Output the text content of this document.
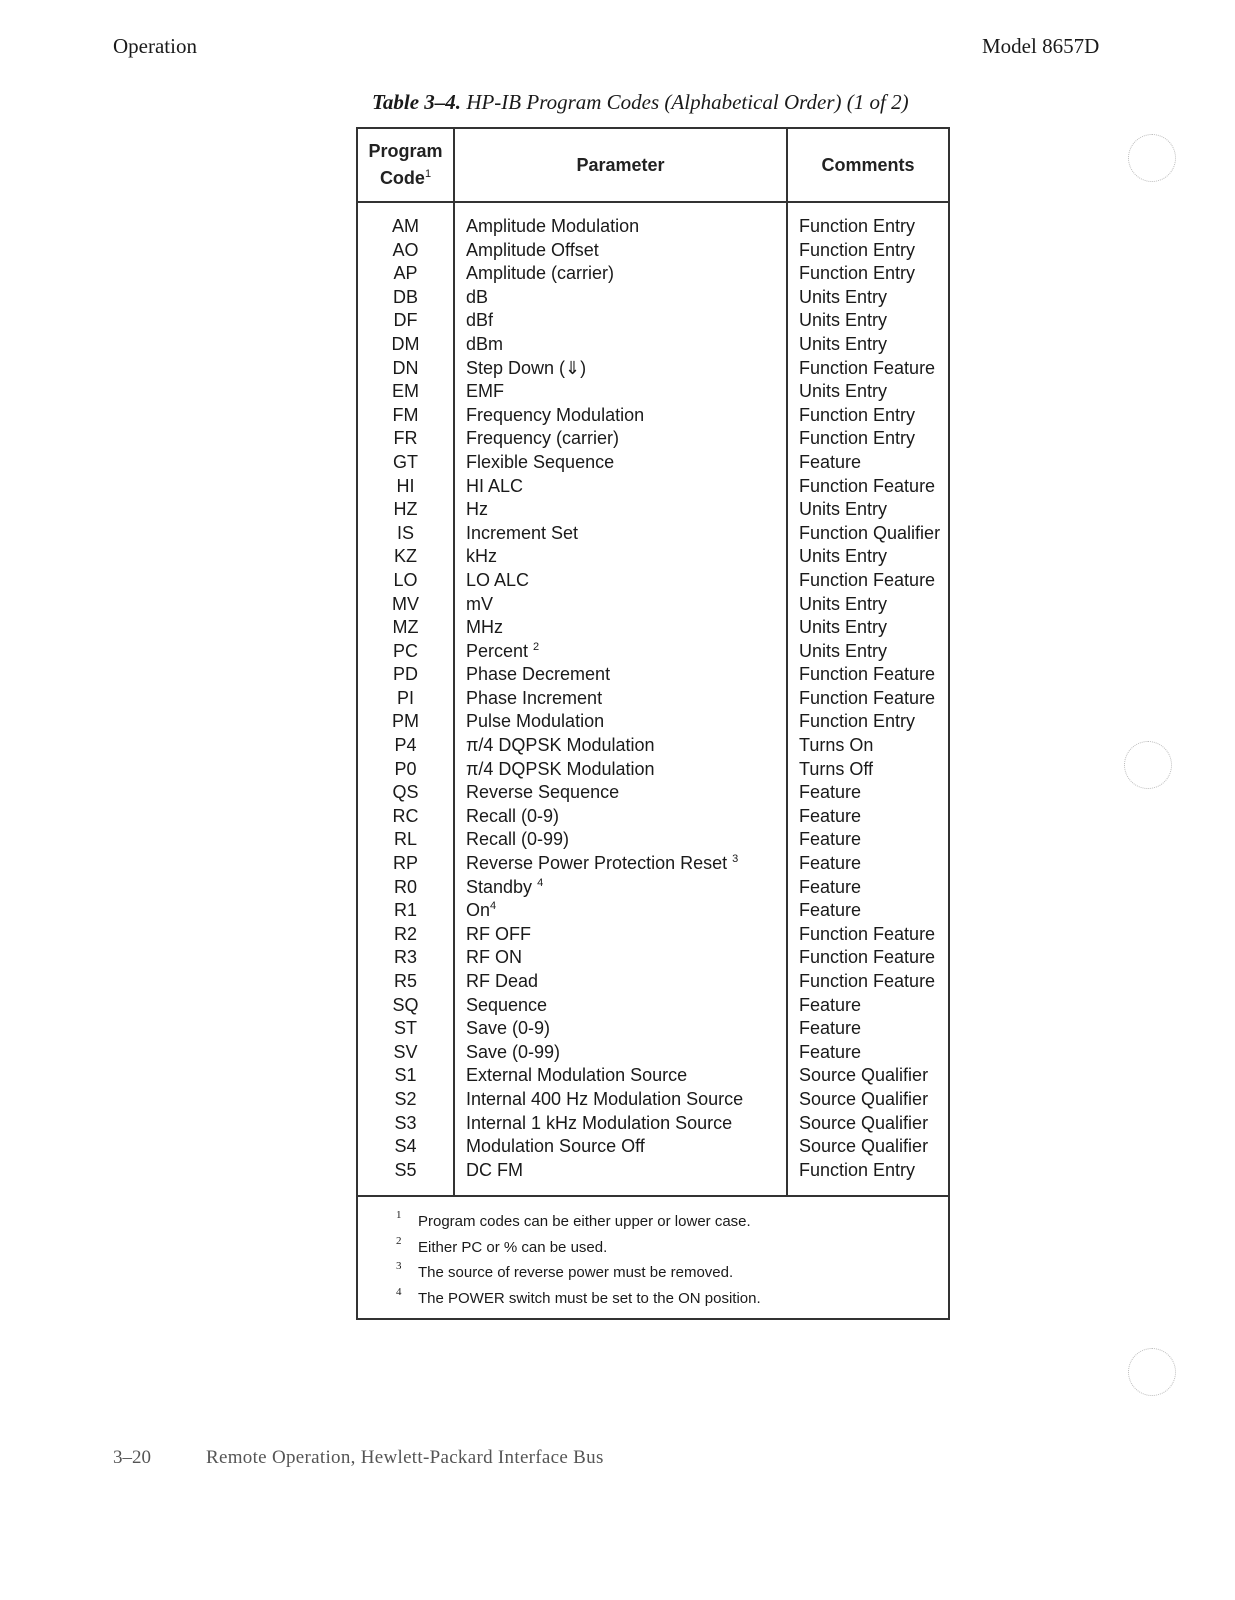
Operation	Model 8657D
Table 3–4. HP-IB Program Codes (Alphabetical Order) (1 of 2)
Program
Code$^1$	Parameter	Comments
AM	Amplitude Modulation	Function Entry
AO	Amplitude Offset	Function Entry
AP	Amplitude (carrier)	Function Entry
DB	dB	Units Entry
DF	dBf	Units Entry
DM	dBm	Units Entry
DN	Step Down (⇓)	Function Feature
EM	EMF	Units Entry
FM	Frequency Modulation	Function Entry
FR	Frequency (carrier)	Function Entry
GT	Flexible Sequence	Feature
HI	HI ALC	Function Feature
HZ	Hz	Units Entry
IS	Increment Set	Function Qualifier
KZ	kHz	Units Entry
LO	LO ALC	Function Feature
MV	mV	Units Entry
MZ	MHz	Units Entry
PC	Percent $^2$	Units Entry
PD	Phase Decrement	Function Feature
PI	Phase Increment	Function Feature
PM	Pulse Modulation	Function Entry
P4	π/4 DQPSK Modulation	Turns On
P0	π/4 DQPSK Modulation	Turns Off
QS	Reverse Sequence	Feature
RC	Recall (0-9)	Feature
RL	Recall (0-99)	Feature
RP	Reverse Power Protection Reset $^3$	Feature
R0	Standby $^4$	Feature
R1	On$^4$	Feature
R2	RF OFF	Function Feature
R3	RF ON	Function Feature
R5	RF Dead	Function Feature
SQ	Sequence	Feature
ST	Save (0-9)	Feature
SV	Save (0-99)	Feature
S1	External Modulation Source	Source Qualifier
S2	Internal 400 Hz Modulation Source	Source Qualifier
S3	Internal 1 kHz Modulation Source	Source Qualifier
S4	Modulation Source Off	Source Qualifier
S5	DC FM	Function Entry
1 Program codes can be either upper or lower case.
2 Either PC or % can be used.
3 The source of reverse power must be removed.
4 The POWER switch must be set to the ON position.
3–20	Remote Operation, Hewlett-Packard Interface Bus
